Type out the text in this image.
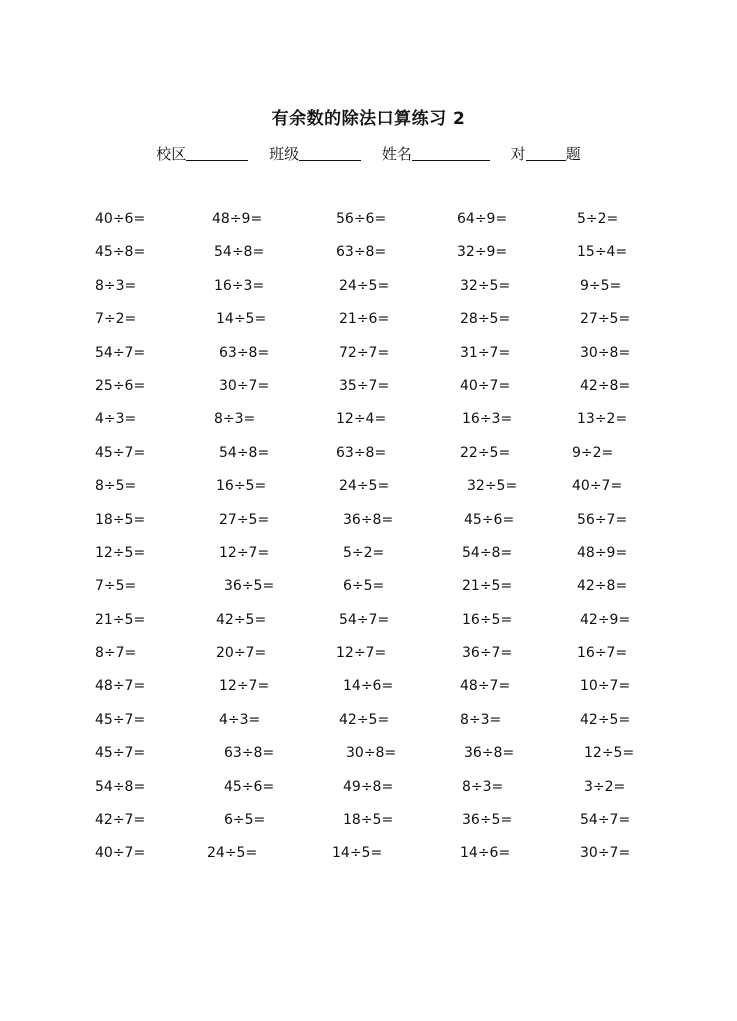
有余数的除法口算练习 2
校区	班级	姓名	对	题
40÷6=	48÷9=	56÷6=	64÷9=	5÷2=
45÷8=	54÷8=	63÷8=	32÷9=	15÷4=
8÷3=	16÷3=	24÷5=	32÷5=	9÷5=
7÷2=	14÷5=	21÷6=	28÷5=	27÷5=
54÷7=	63÷8=	72÷7=	31÷7=	30÷8=
25÷6=	30÷7=	35÷7=	40÷7=	42÷8=
4÷3=	8÷3=	12÷4=	16÷3=	13÷2=
45÷7=	54÷8=	63÷8=	22÷5=	9÷2=
8÷5=	16÷5=	24÷5=	32÷5=	40÷7=
18÷5=	27÷5=	36÷8=	45÷6=	56÷7=
12÷5=	12÷7=	5÷2=	54÷8=	48÷9=
7÷5=	36÷5=	6÷5=	21÷5=	42÷8=
21÷5=	42÷5=	54÷7=	16÷5=	42÷9=
8÷7=	20÷7=	12÷7=	36÷7=	16÷7=
48÷7=	12÷7=	14÷6=	48÷7=	10÷7=
45÷7=	4÷3=	42÷5=	8÷3=	42÷5=
45÷7=	63÷8=	30÷8=	36÷8=	12÷5=
54÷8=	45÷6=	49÷8=	8÷3=	3÷2=
42÷7=	6÷5=	18÷5=	36÷5=	54÷7=
40÷7=	24÷5=	14÷5=	14÷6=	30÷7=
